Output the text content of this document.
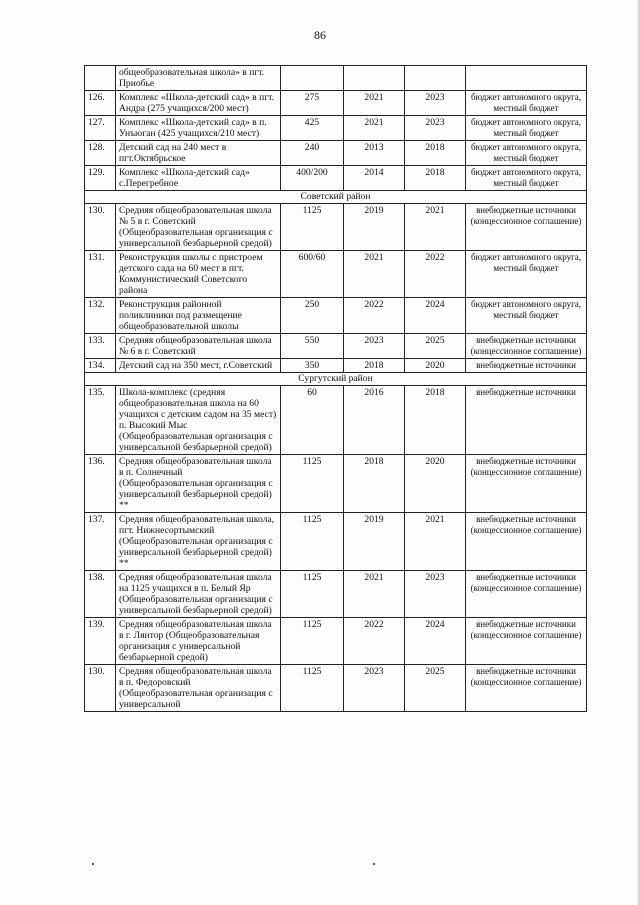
86
	общеобразовательная школа» в пгт. Приобье				
126.	Комплекс «Школа-детский сад» в пгт. Андра (275 учащихся/200 мест)	275	2021	2023	бюджет автономного округа, местный бюджет
127.	Комплекс «Школа-детский сад» в п. Унъюган (425 учащихся/210 мест)	425	2021	2023	бюджет автономного округа, местный бюджет
128.	Детский сад на 240 мест в пгт.Октябрьское	240	2013	2018	бюджет автономного округа, местный бюджет
129.	Комплекс «Школа-детский сад» с.Перегребное	400/200	2014	2018	бюджет автономного округа, местный бюджет
Советский район					
130.	Средняя общеобразовательная школа № 5 в г. Советский (Общеобразовательная организация с универсальной безбарьерной средой)	1125	2019	2021	внебюджетные источники (концессионное соглашение)
131.	Реконструкция школы с пристроем детского сада на 60 мест в пгт. Коммунистический Советского района	600/60	2021	2022	бюджет автономного округа, местный бюджет
132.	Реконструкция районной поликлиники под размещение общеобразовательной школы	250	2022	2024	бюджет автономного округа, местный бюджет
133.	Средняя общеобразовательная школа № 6 в г. Советский	550	2023	2025	внебюджетные источники (концессионное соглашение)
134.	Детский сад на 350 мест, г.Советский	350	2018	2020	внебюджетные источники
Сургутский район					
135.	Школа-комплекс (средняя общеобразовательная школа на 60 учащихся с детским садом на 35 мест) п. Высокий Мыс (Общеобразовательная организация с универсальной безбарьерной средой)	60	2016	2018	внебюджетные источники
136.	Средняя общеобразовательная школа в п. Солнечный (Общеобразовательная организация с универсальной безбарьерной средой) **	1125	2018	2020	внебюджетные источники (концессионное соглашение)
137.	Средняя общеобразовательная школа, пгт. Нижнесортымский (Общеобразовательная организация с универсальной безбарьерной средой) **	1125	2019	2021	внебюджетные источники (концессионное соглашение)
138.	Средняя общеобразовательная школа на 1125 учащихся в п. Белый Яр (Общеобразовательная организация с универсальной безбарьерной средой)	1125	2021	2023	внебюджетные источники (концессионное соглашение)
139.	Средняя общеобразовательная школа в г. Лянтор (Общеобразовательная организация с универсальной безбарьерной средой)	1125	2022	2024	внебюджетные источники (концессионное соглашение)
130.	Средняя общеобразовательная школа в п. Федоровский (Общеобразовательная организация с универсальной	1125	2023	2025	внебюджетные источники (концессионное соглашение)
